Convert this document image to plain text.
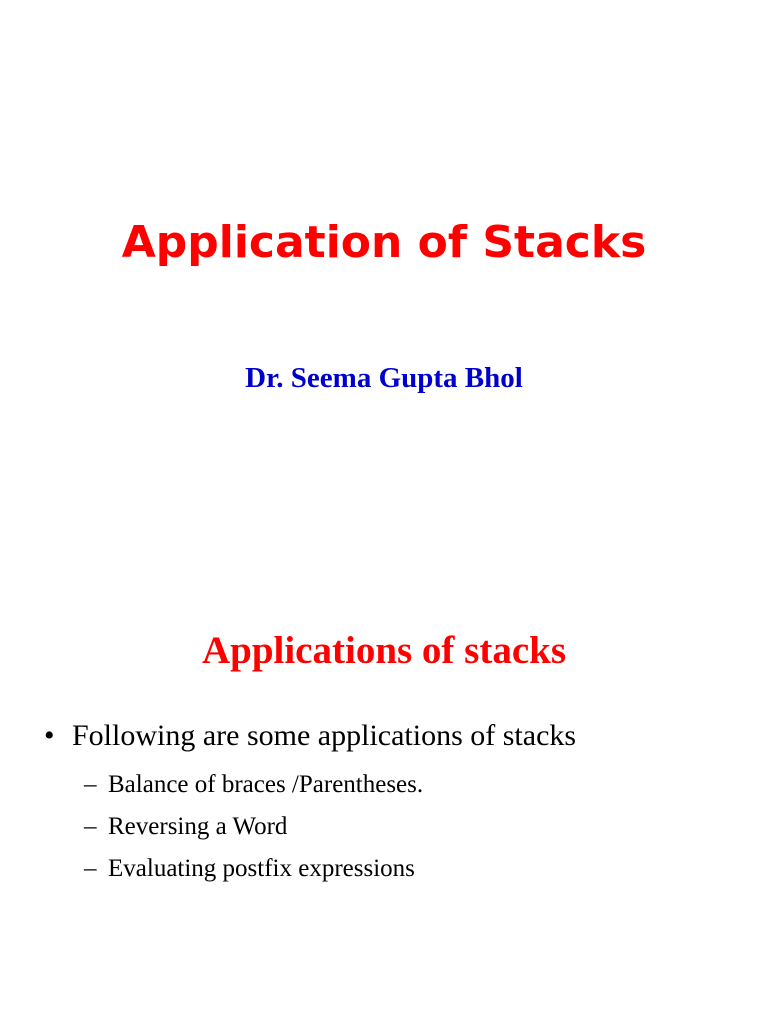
Application of Stacks
Dr. Seema Gupta Bhol
Applications of stacks
• Following are some applications of stacks
– Balance of braces /Parentheses.
– Reversing a Word
– Evaluating postfix expressions
